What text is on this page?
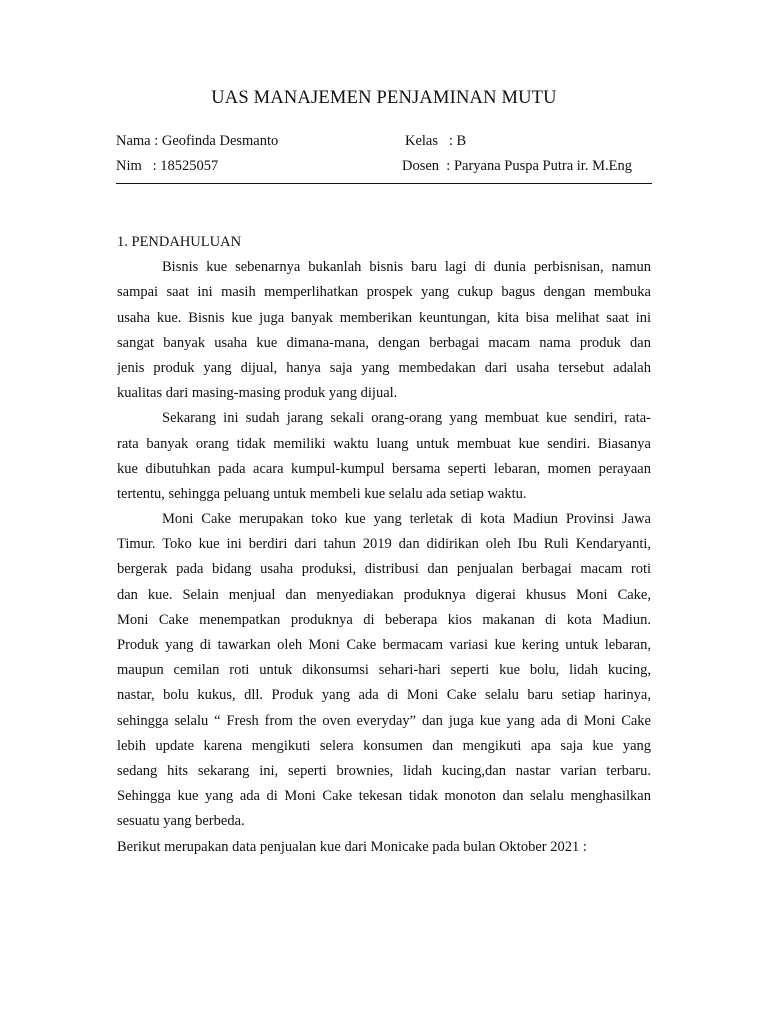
UAS MANAJEMEN PENJAMINAN MUTU
Nama : Geofinda Desmanto
Nim   : 18525057
Kelas   : B
Dosen  : Paryana Puspa Putra ir. M.Eng
1. PENDAHULUAN
Bisnis kue sebenarnya bukanlah bisnis baru lagi di dunia perbisnisan, namun
sampai saat ini masih memperlihatkan prospek yang cukup bagus dengan membuka
usaha kue. Bisnis kue juga banyak memberikan keuntungan, kita bisa melihat saat ini
sangat banyak usaha kue dimana-mana, dengan berbagai macam nama produk dan
jenis produk yang dijual, hanya saja yang membedakan dari usaha tersebut adalah
kualitas dari masing-masing produk yang dijual.
Sekarang ini sudah jarang sekali orang-orang yang membuat kue sendiri, rata-
rata banyak orang tidak memiliki waktu luang untuk membuat kue sendiri. Biasanya
kue dibutuhkan pada acara kumpul-kumpul bersama seperti lebaran, momen perayaan
tertentu, sehingga peluang untuk membeli kue selalu ada setiap waktu.
Moni Cake merupakan toko kue yang terletak di kota Madiun Provinsi Jawa
Timur. Toko kue ini berdiri dari tahun 2019 dan didirikan oleh Ibu Ruli Kendaryanti,
bergerak pada bidang usaha produksi, distribusi dan penjualan berbagai macam roti
dan kue. Selain menjual dan menyediakan produknya digerai khusus Moni Cake,
Moni Cake menempatkan produknya di beberapa kios makanan di kota Madiun.
Produk yang di tawarkan oleh Moni Cake bermacam variasi kue kering untuk lebaran,
maupun cemilan roti untuk dikonsumsi sehari-hari seperti kue bolu, lidah kucing,
nastar, bolu kukus, dll. Produk yang ada di Moni Cake selalu baru setiap harinya,
sehingga selalu “ Fresh from the oven everyday” dan juga kue yang ada di Moni Cake
lebih update karena mengikuti selera konsumen dan mengikuti apa saja kue yang
sedang hits sekarang ini, seperti brownies, lidah kucing,dan nastar varian terbaru.
Sehingga kue yang ada di Moni Cake tekesan tidak monoton dan selalu menghasilkan
sesuatu yang berbeda.
Berikut merupakan data penjualan kue dari Monicake pada bulan Oktober 2021 :
